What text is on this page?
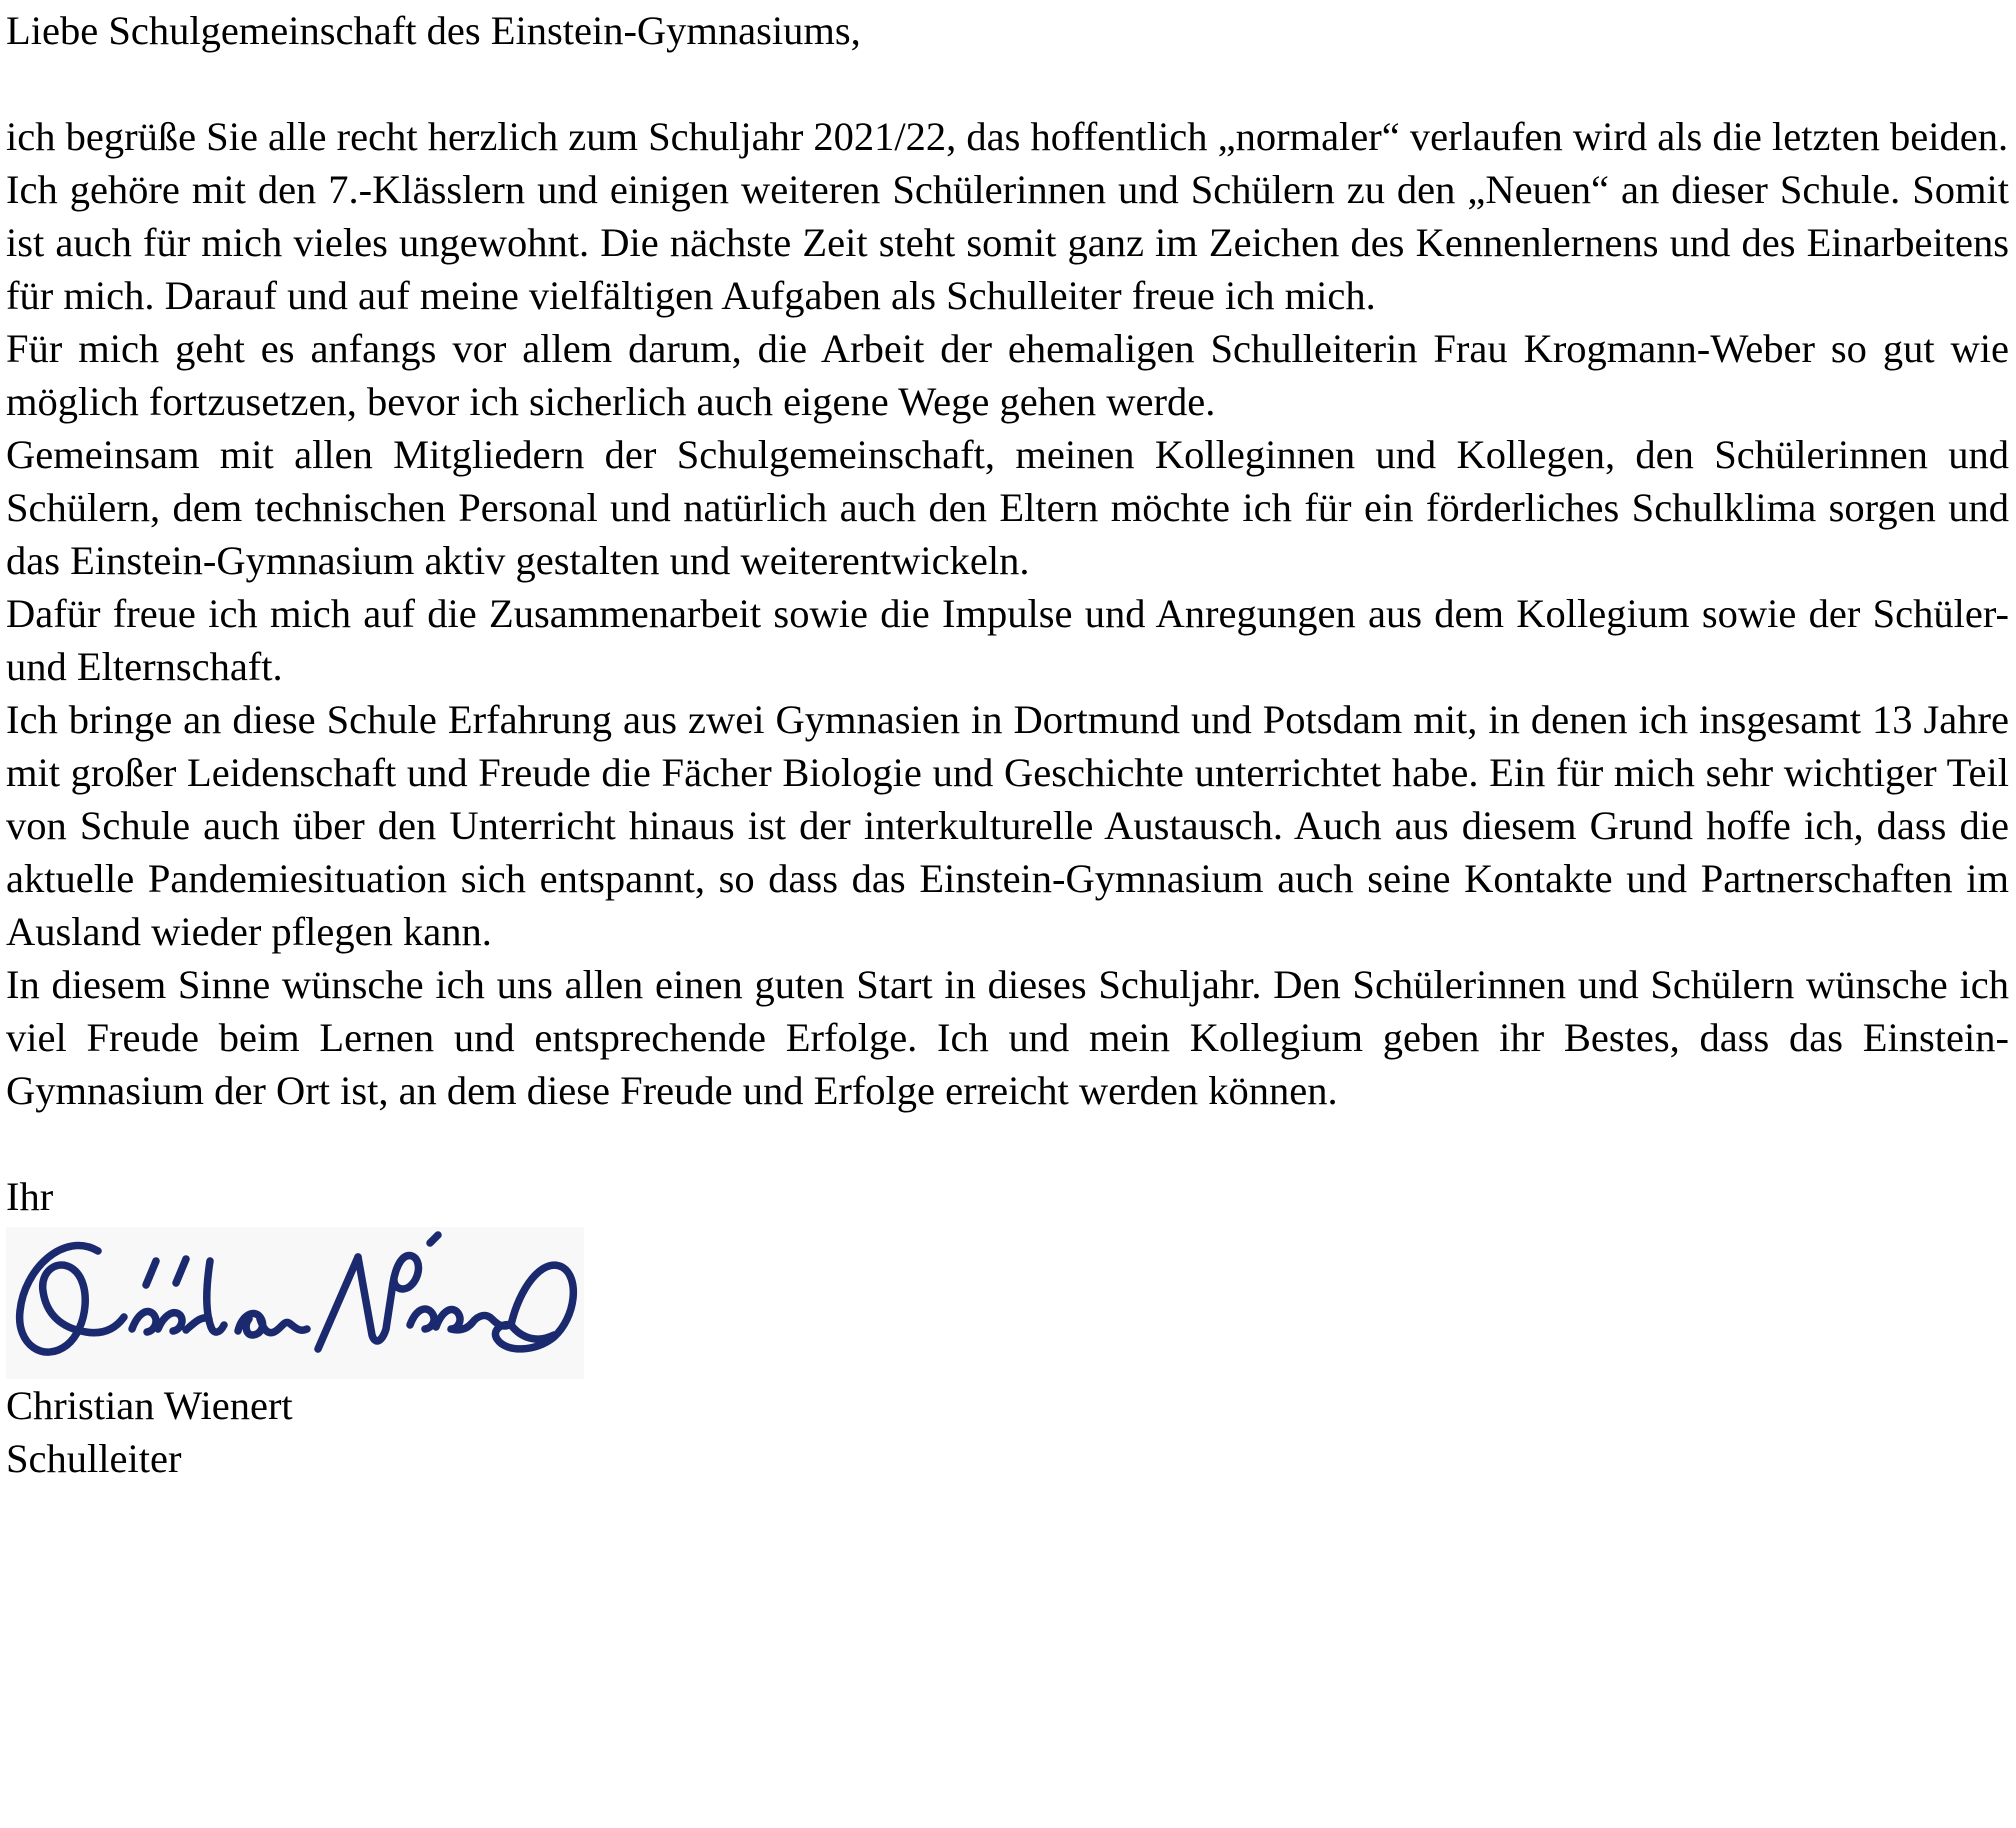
Liebe Schulgemeinschaft des Einstein-Gymnasiums,

ich begrüße Sie alle recht herzlich zum Schuljahr 2021/22, das hoffentlich „normaler“ verlaufen wird als die letzten beiden.

Ich gehöre mit den 7.-Klässlern und einigen weiteren Schülerinnen und Schülern zu den „Neuen“ an dieser Schule. Somit ist auch für mich vieles ungewohnt. Die nächste Zeit steht somit ganz im Zeichen des Kennenlernens und des Einarbeitens für mich. Darauf und auf meine vielfältigen Aufgaben als Schulleiter freue ich mich.

Für mich geht es anfangs vor allem darum, die Arbeit der ehemaligen Schulleiterin Frau Krogmann-Weber so gut wie möglich fortzusetzen, bevor ich sicherlich auch eigene Wege gehen werde.

Gemeinsam mit allen Mitgliedern der Schulgemeinschaft, meinen Kolleginnen und Kollegen, den Schülerinnen und Schülern, dem technischen Personal und natürlich auch den Eltern möchte ich für ein förderliches Schulklima sorgen und das Einstein-Gymnasium aktiv gestalten und weiterentwickeln.

Dafür freue ich mich auf die Zusammenarbeit sowie die Impulse und Anregungen aus dem Kollegium sowie der Schüler- und Elternschaft.

Ich bringe an diese Schule Erfahrung aus zwei Gymnasien in Dortmund und Potsdam mit, in denen ich insgesamt 13 Jahre mit großer Leidenschaft und Freude die Fächer Biologie und Geschichte unterrichtet habe. Ein für mich sehr wichtiger Teil von Schule auch über den Unterricht hinaus ist der interkulturelle Austausch. Auch aus diesem Grund hoffe ich, dass die aktuelle Pandemiesituation sich entspannt, so dass das Einstein-Gymnasium auch seine Kontakte und Partnerschaften im Ausland wieder pflegen kann.

In diesem Sinne wünsche ich uns allen einen guten Start in dieses Schuljahr. Den Schülerinnen und Schülern wünsche ich viel Freude beim Lernen und entsprechende Erfolge. Ich und mein Kollegium geben ihr Bestes, dass das Einstein-Gymnasium der Ort ist, an dem diese Freude und Erfolge erreicht werden können.

Ihr

Christian Wienert

Schulleiter
